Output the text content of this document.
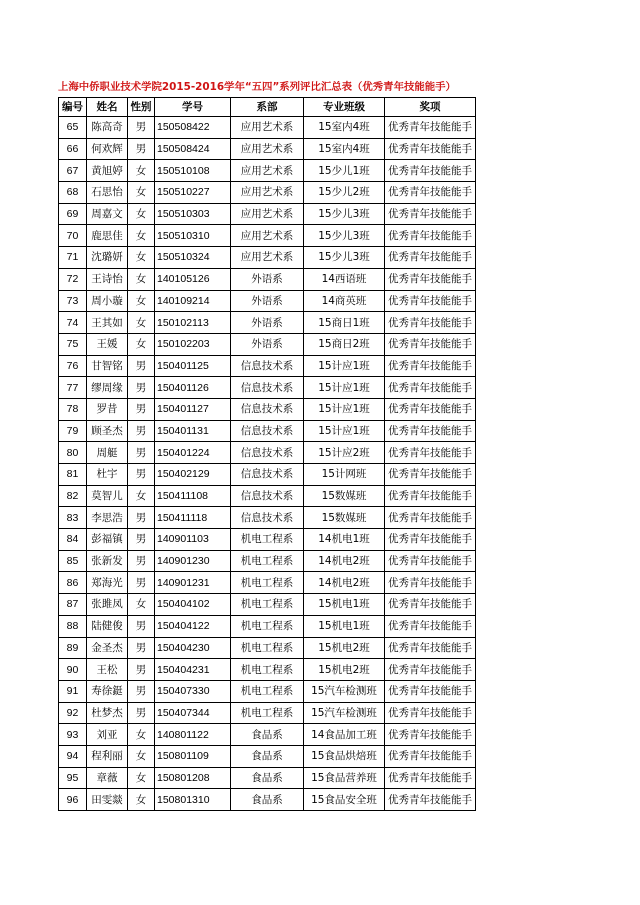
上海中侨职业技术学院2015-2016学年“五四”系列评比汇总表（优秀青年技能能手）
编号	姓名	性别	学号	系部	专业班级	奖项
65	陈高奇	男	150508422	应用艺术系	15室内4班	优秀青年技能能手
66	何欢辉	男	150508424	应用艺术系	15室内4班	优秀青年技能能手
67	黄旭婷	女	150510108	应用艺术系	15少儿1班	优秀青年技能能手
68	石思怡	女	150510227	应用艺术系	15少儿2班	优秀青年技能能手
69	周嘉文	女	150510303	应用艺术系	15少儿3班	优秀青年技能能手
70	鹿思佳	女	150510310	应用艺术系	15少儿3班	优秀青年技能能手
71	沈璐妍	女	150510324	应用艺术系	15少儿3班	优秀青年技能能手
72	王诗怡	女	140105126	外语系	14西语班	优秀青年技能能手
73	周小璇	女	140109214	外语系	14商英班	优秀青年技能能手
74	王其如	女	150102113	外语系	15商日1班	优秀青年技能能手
75	王媛	女	150102203	外语系	15商日2班	优秀青年技能能手
76	甘智铭	男	150401125	信息技术系	15计应1班	优秀青年技能能手
77	缪周缘	男	150401126	信息技术系	15计应1班	优秀青年技能能手
78	罗昔	男	150401127	信息技术系	15计应1班	优秀青年技能能手
79	顾圣杰	男	150401131	信息技术系	15计应1班	优秀青年技能能手
80	周艇	男	150401224	信息技术系	15计应2班	优秀青年技能能手
81	杜宇	男	150402129	信息技术系	15计网班	优秀青年技能能手
82	莫智儿	女	150411108	信息技术系	15数媒班	优秀青年技能能手
83	李思浩	男	150411118	信息技术系	15数媒班	优秀青年技能能手
84	彭福镇	男	140901103	机电工程系	14机电1班	优秀青年技能能手
85	张新发	男	140901230	机电工程系	14机电2班	优秀青年技能能手
86	郑海光	男	140901231	机电工程系	14机电2班	优秀青年技能能手
87	张雎凤	女	150404102	机电工程系	15机电1班	优秀青年技能能手
88	陆健俊	男	150404122	机电工程系	15机电1班	优秀青年技能能手
89	金圣杰	男	150404230	机电工程系	15机电2班	优秀青年技能能手
90	王松	男	150404231	机电工程系	15机电2班	优秀青年技能能手
91	寿徐鋌	男	150407330	机电工程系	15汽车检测班	优秀青年技能能手
92	杜梦杰	男	150407344	机电工程系	15汽车检测班	优秀青年技能能手
93	刘亚	女	140801122	食品系	14食品加工班	优秀青年技能能手
94	程利丽	女	150801109	食品系	15食品烘焙班	优秀青年技能能手
95	章薇	女	150801208	食品系	15食品营养班	优秀青年技能能手
96	田雯燚	女	150801310	食品系	15食品安全班	优秀青年技能能手
